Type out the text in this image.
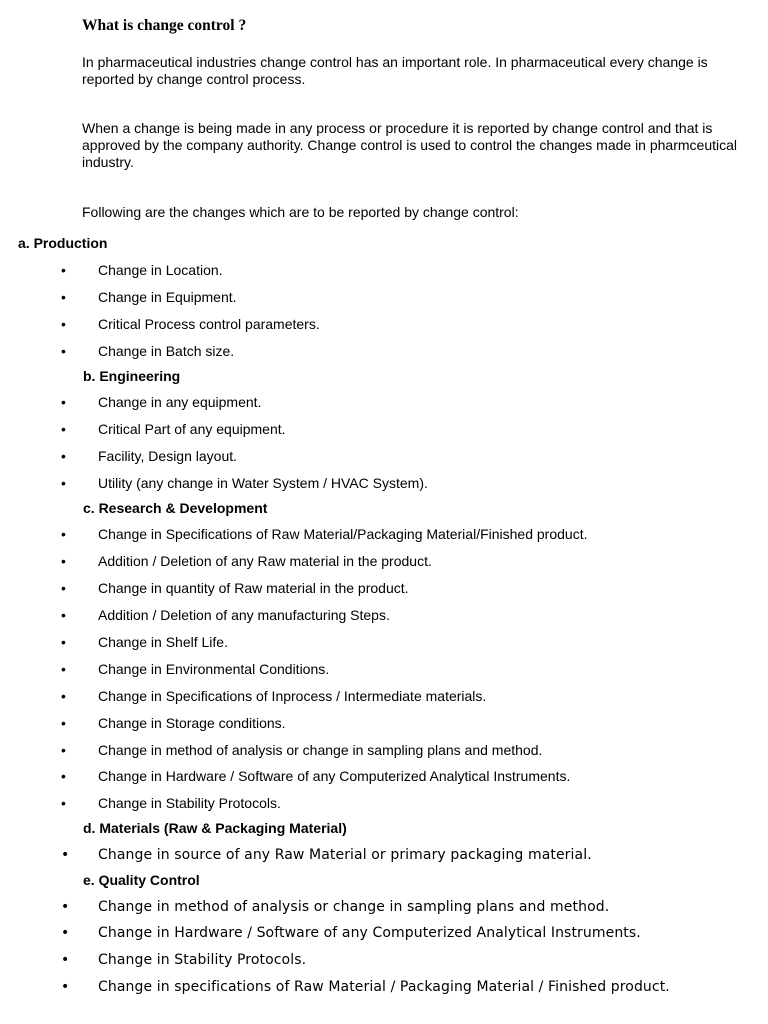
What is change control ?
In pharmaceutical industries change control has an important role. In pharmaceutical every change is reported by change control process.
When a change is being made in any process or procedure it is reported by change control and that is approved by the company authority. Change control is used to control the changes made in pharmceutical industry.
Following are the changes which are to be reported by change control:
a. Production
• Change in Location.
• Change in Equipment.
• Critical Process control parameters.
• Change in Batch size.
b. Engineering
• Change in any equipment.
• Critical Part of any equipment.
• Facility, Design layout.
• Utility (any change in Water System / HVAC System).
c. Research & Development
• Change in Specifications of Raw Material/Packaging Material/Finished product.
• Addition / Deletion of any Raw material in the product.
• Change in quantity of Raw material in the product.
• Addition / Deletion of any manufacturing Steps.
• Change in Shelf Life.
• Change in Environmental Conditions.
• Change in Specifications of Inprocess / Intermediate materials.
• Change in Storage conditions.
• Change in method of analysis or change in sampling plans and method.
• Change in Hardware / Software of any Computerized Analytical Instruments.
• Change in Stability Protocols.
d. Materials (Raw & Packaging Material)
• Change in source of any Raw Material or primary packaging material.
e. Quality Control
• Change in method of analysis or change in sampling plans and method.
• Change in Hardware / Software of any Computerized Analytical Instruments.
• Change in Stability Protocols.
• Change in specifications of Raw Material / Packaging Material / Finished product.
